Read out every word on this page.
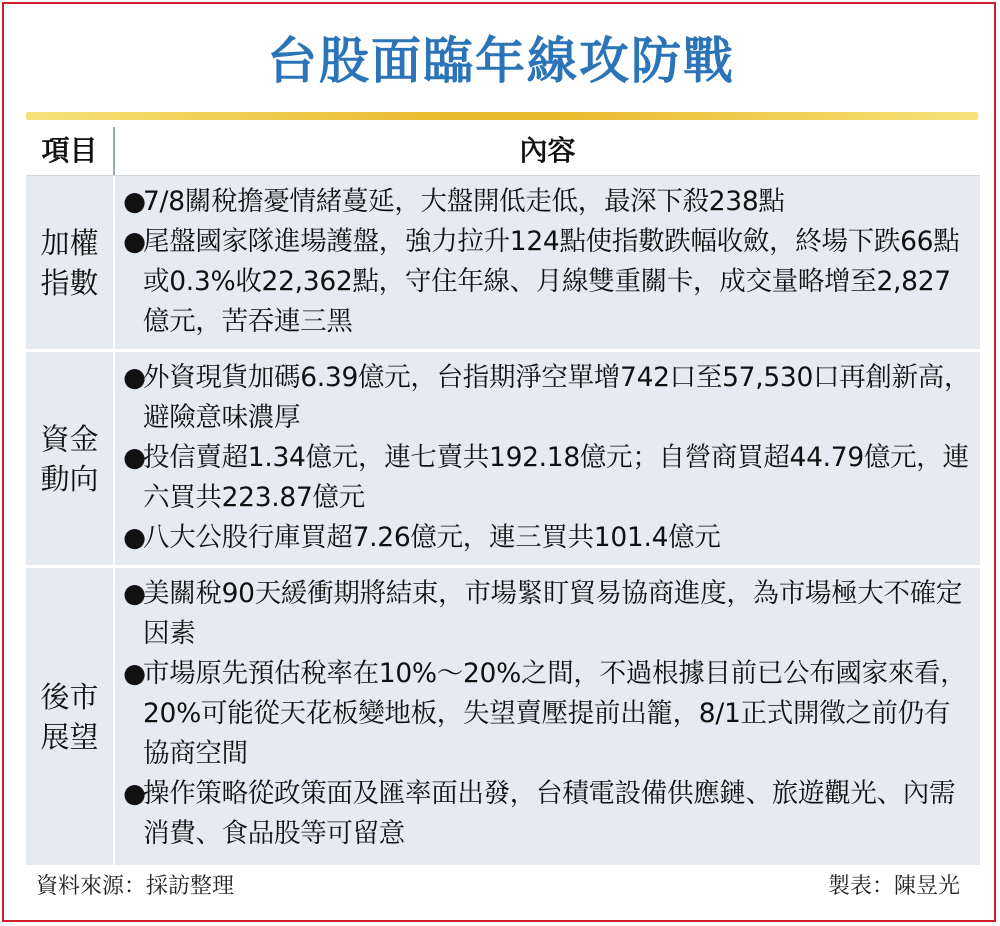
台股面臨年線攻防戰
項目	內容
加權
指數
●7/8關稅擔憂情緒蔓延，大盤開低走低，最深下殺238點
●尾盤國家隊進場護盤，強力拉升124點使指數跌幅收斂，終場下跌66點或0.3%收22,362點，守住年線、月線雙重關卡，成交量略增至2,827億元，苦吞連三黑
資金
動向
●外資現貨加碼6.39億元，台指期淨空單增742口至57,530口再創新高，避險意味濃厚
●投信賣超1.34億元，連七賣共192.18億元；自營商買超44.79億元，連六買共223.87億元
●八大公股行庫買超7.26億元，連三買共101.4億元
後市
展望
●美關稅90天緩衝期將結束，市場緊盯貿易協商進度，為市場極大不確定因素
●市場原先預估稅率在10%～20%之間，不過根據目前已公布國家來看，20%可能從天花板變地板，失望賣壓提前出籠，8/1正式開徵之前仍有協商空間
●操作策略從政策面及匯率面出發，台積電設備供應鏈、旅遊觀光、內需消費、食品股等可留意
資料來源：採訪整理	製表：陳昱光
